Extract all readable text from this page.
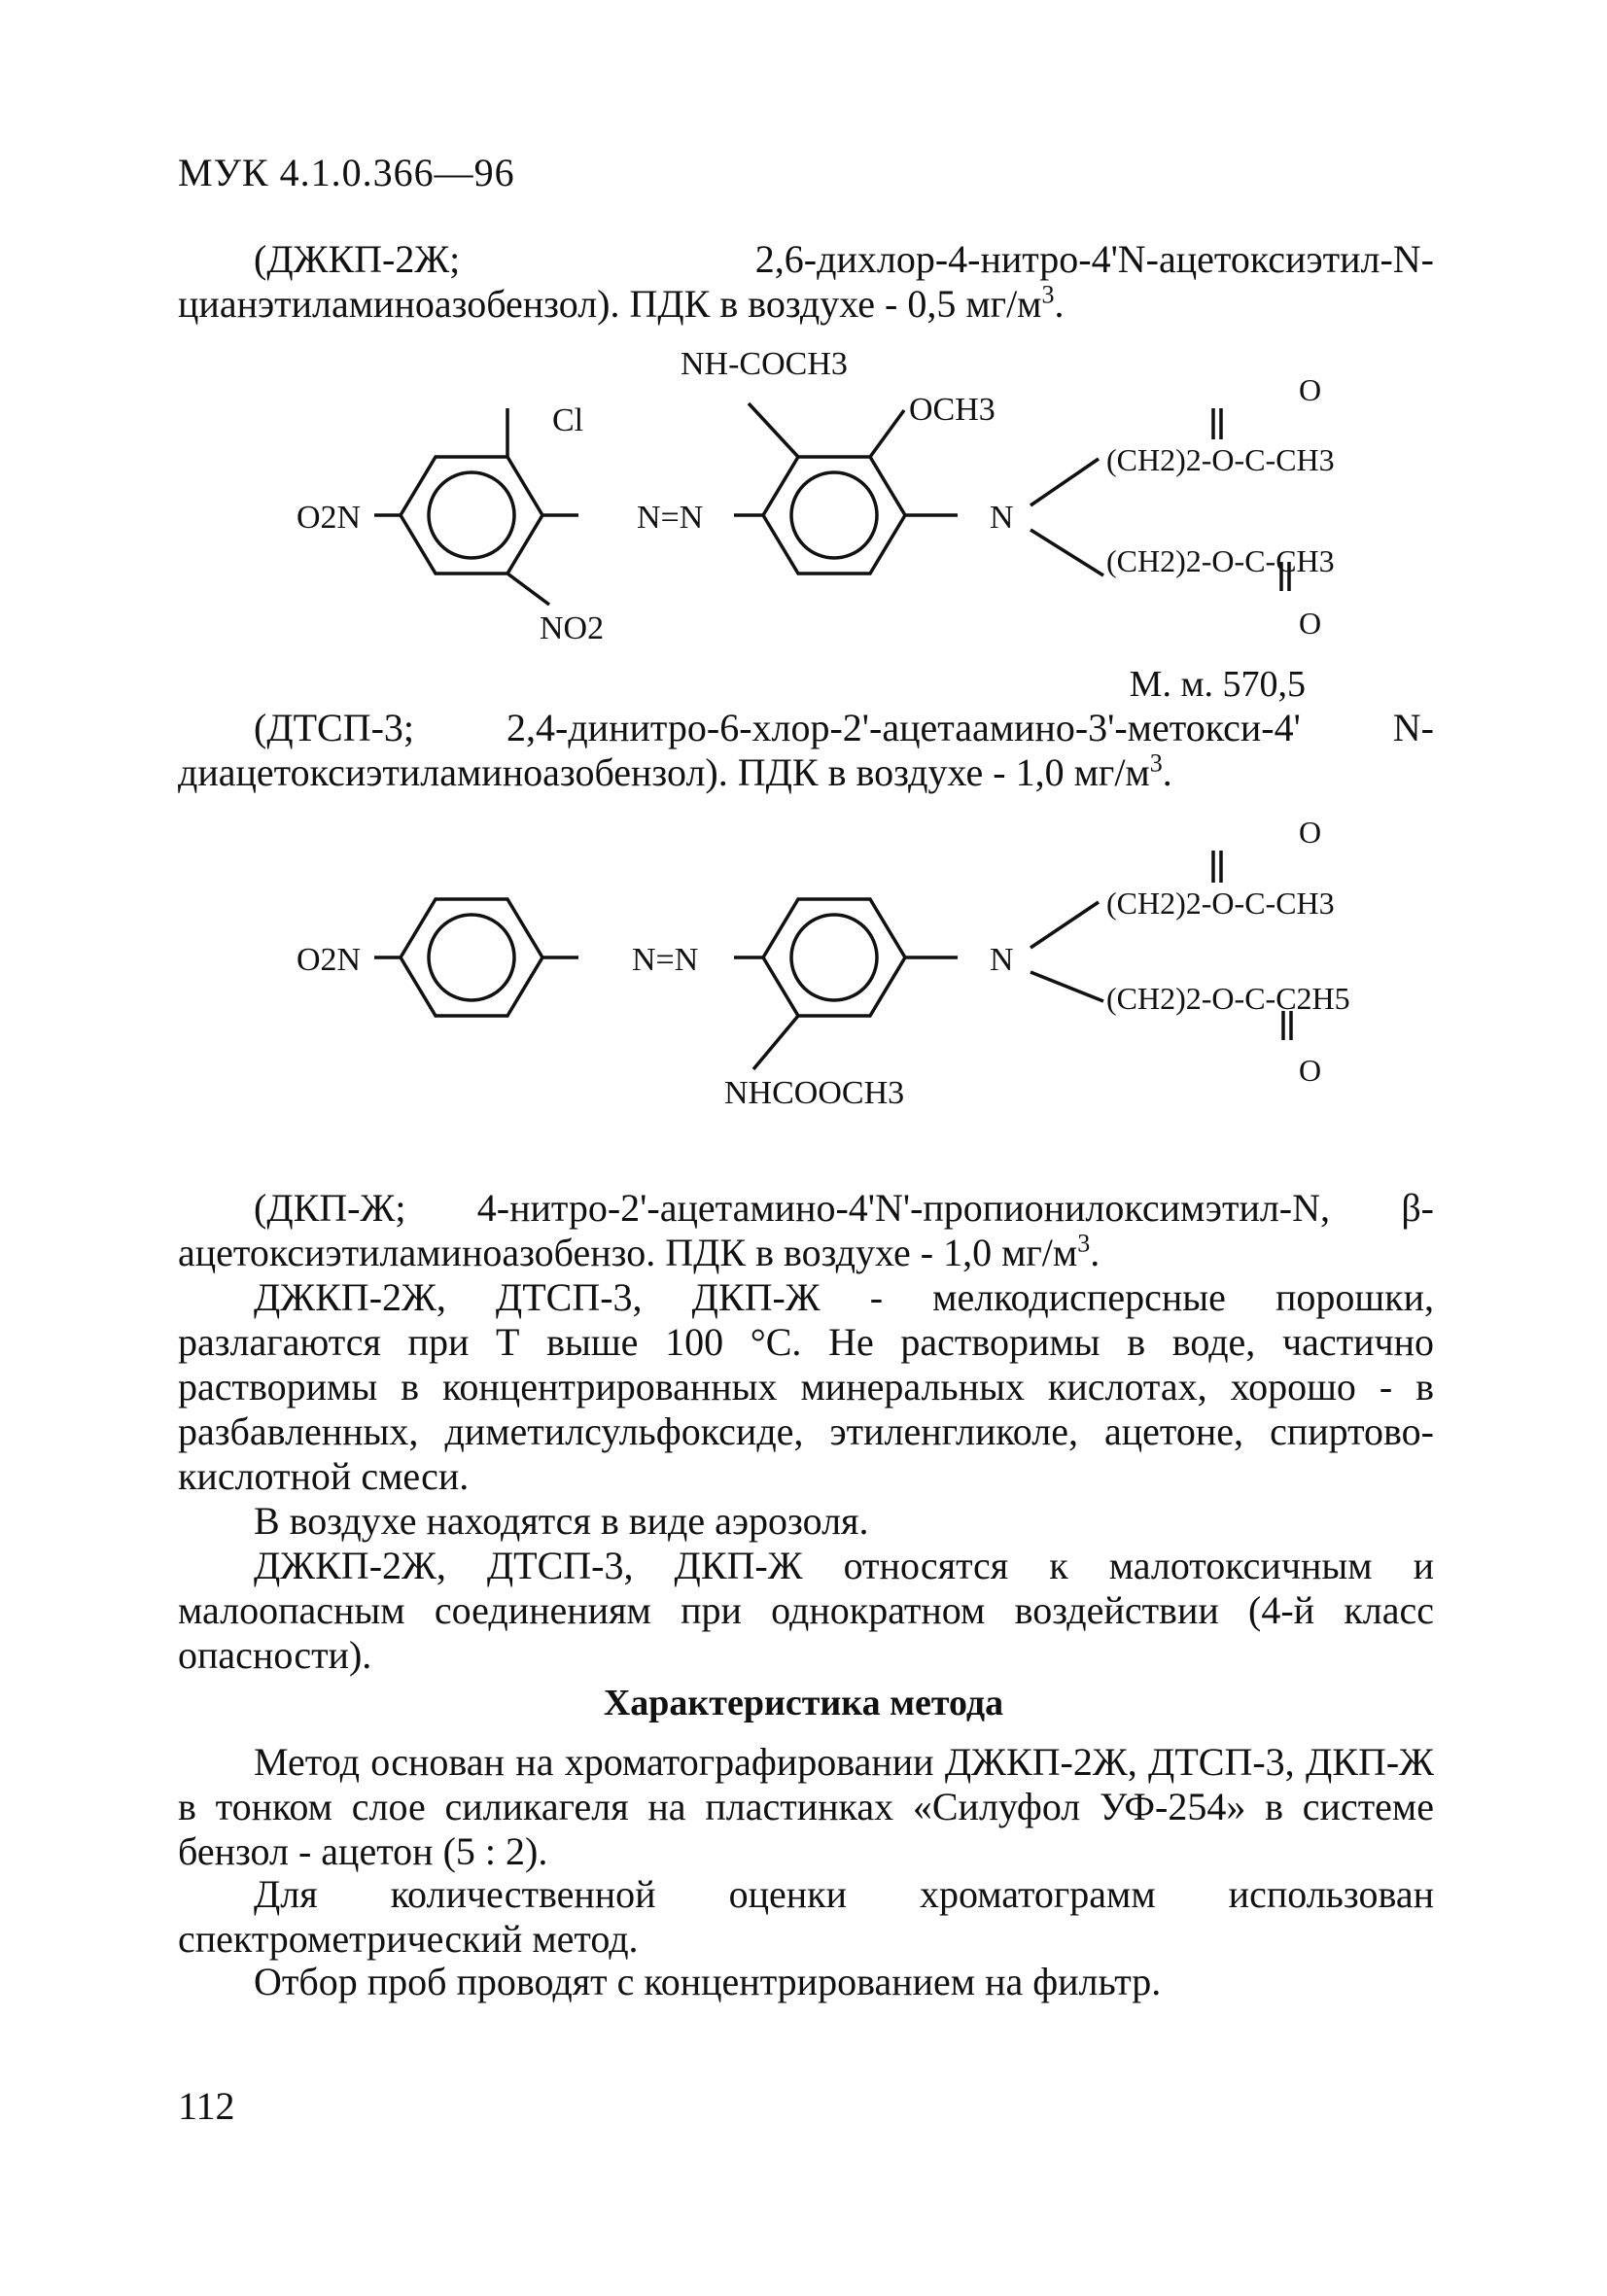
МУК 4.1.0.366—96

(ДЖКП-2Ж; 2,6-дихлор-4-нитро-4'N-ацетоксиэтил-N-цианэтиламиноазобензол). ПДК в воздухе - 0,5 $мг/м^3$.

Cl
O2N
NO2
N=N
NH-COCH3
OCH3
N
O
(CH2)2-O-C-CH3
(CH2)2-O-C-CH3
O
М. м. 570,5

(ДТСП-3; 2,4-динитро-6-хлор-2'-ацетаамино-3'-метокси-4' N-диацетоксиэтиламиноазобензол). ПДК в воздухе - 1,0 $мг/м^3$.

O2N	N=N	N
NHCOOCH3
O
(CH2)2-O-C-CH3
(CH2)2-O-C-C2H5
O

(ДКП-Ж; 4-нитро-2'-ацетамино-4'N'-пропионилоксимэтил-N, β-ацетоксиэтиламиноазобензо. ПДК в воздухе - 1,0 $мг/м^3$.

ДЖКП-2Ж, ДТСП-3, ДКП-Ж - мелкодисперсные порошки, разлагаются при Т выше 100 °С. Не растворимы в воде, частично растворимы в концентрированных минеральных кислотах, хорошо - в разбавленных, диметилсульфоксиде, этиленгликоле, ацетоне, спиртово-кислотной смеси.

В воздухе находятся в виде аэрозоля.

ДЖКП-2Ж, ДТСП-3, ДКП-Ж относятся к малотоксичным и малоопасным соединениям при однократном воздействии (4-й класс опасности).

Характеристика метода

Метод основан на хроматографировании ДЖКП-2Ж, ДТСП-3, ДКП-Ж в тонком слое силикагеля на пластинках «Силуфол УФ-254» в системе бензол - ацетон (5 : 2).

Для количественной оценки хроматограмм использован спектрометрический метод.

Отбор проб проводят с концентрированием на фильтр.

112
